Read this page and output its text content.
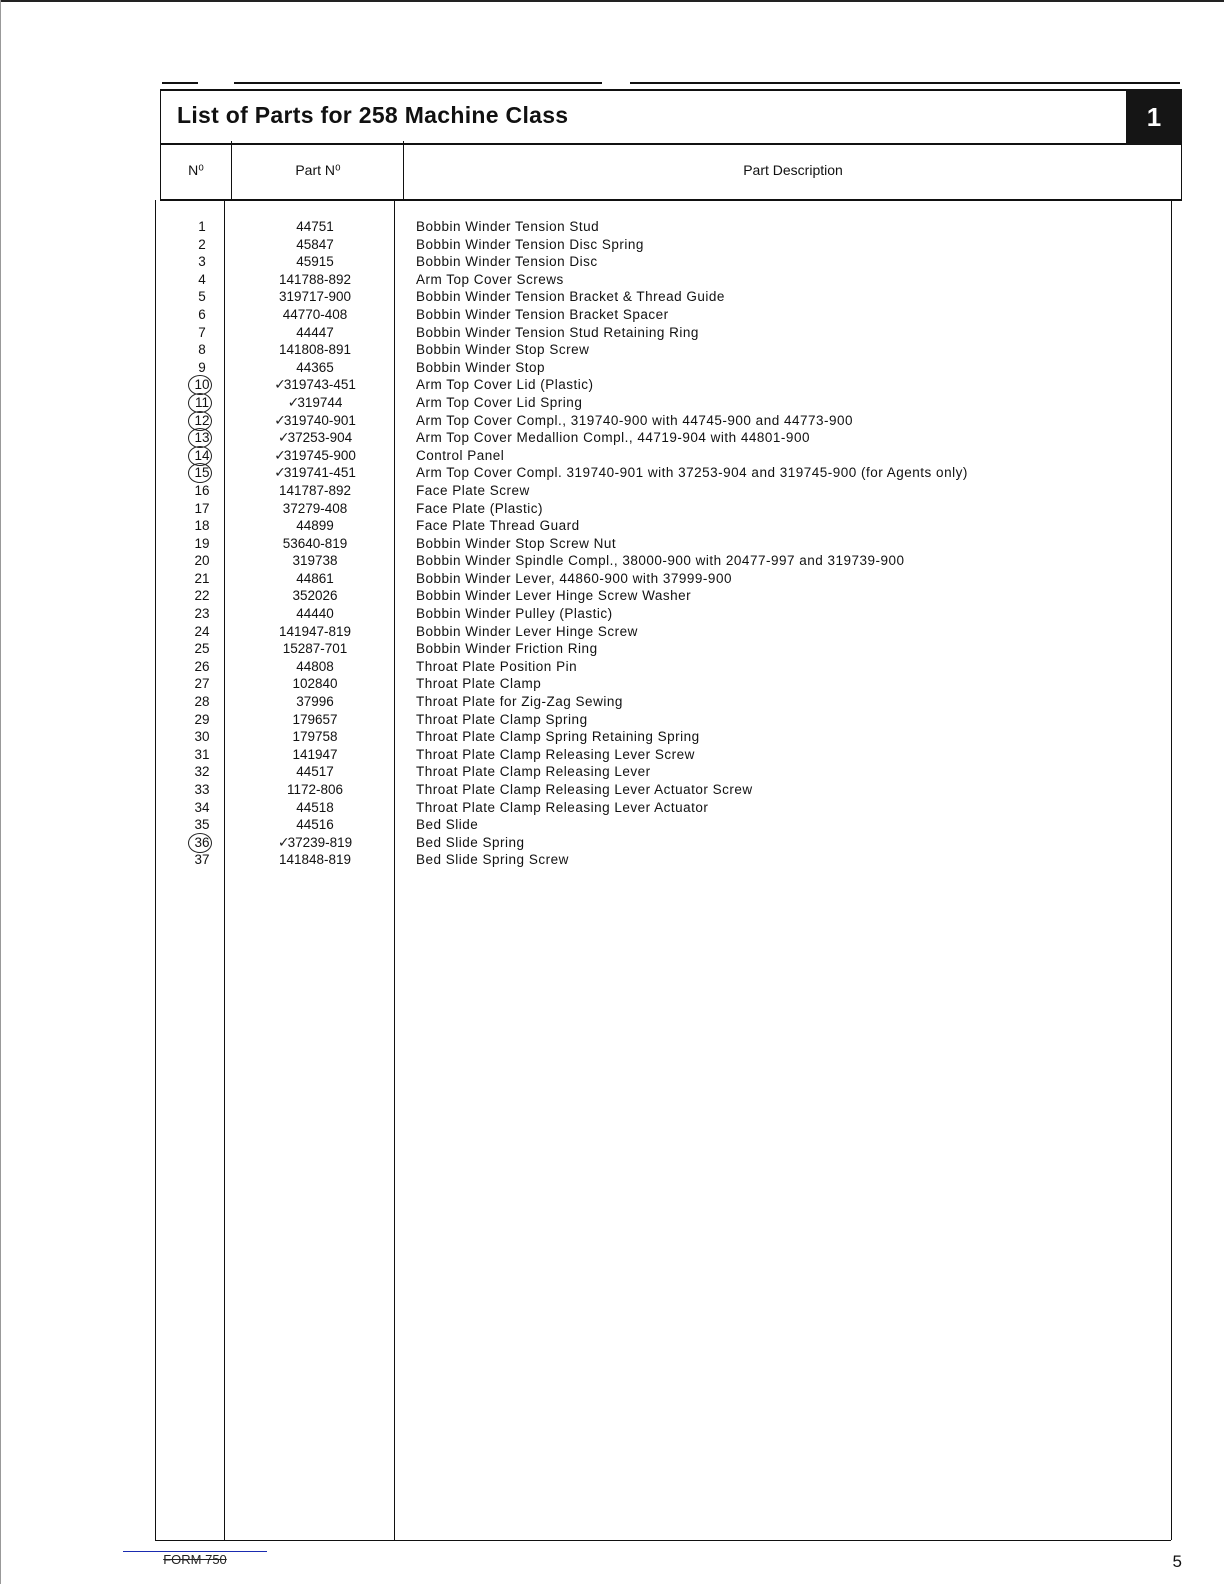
List of Parts for 258 Machine Class	1
N⁰	Part N⁰	Part Description
1	44751	Bobbin Winder Tension Stud
2	45847	Bobbin Winder Tension Disc Spring
3	45915	Bobbin Winder Tension Disc
4	141788-892	Arm Top Cover Screws
5	319717-900	Bobbin Winder Tension Bracket & Thread Guide
6	44770-408	Bobbin Winder Tension Bracket Spacer
7	44447	Bobbin Winder Tension Stud Retaining Ring
8	141808-891	Bobbin Winder Stop Screw
9	44365	Bobbin Winder Stop
10	✓319743-451	Arm Top Cover Lid (Plastic)
11	✓319744	Arm Top Cover Lid Spring
12	✓319740-901	Arm Top Cover Compl., 319740-900 with 44745-900 and 44773-900
13	✓37253-904	Arm Top Cover Medallion Compl., 44719-904 with 44801-900
14	✓319745-900	Control Panel
15	✓319741-451	Arm Top Cover Compl. 319740-901 with 37253-904 and 319745-900 (for Agents only)
16	141787-892	Face Plate Screw
17	37279-408	Face Plate (Plastic)
18	44899	Face Plate Thread Guard
19	53640-819	Bobbin Winder Stop Screw Nut
20	319738	Bobbin Winder Spindle Compl., 38000-900 with 20477-997 and 319739-900
21	44861	Bobbin Winder Lever, 44860-900 with 37999-900
22	352026	Bobbin Winder Lever Hinge Screw Washer
23	44440	Bobbin Winder Pulley (Plastic)
24	141947-819	Bobbin Winder Lever Hinge Screw
25	15287-701	Bobbin Winder Friction Ring
26	44808	Throat Plate Position Pin
27	102840	Throat Plate Clamp
28	37996	Throat Plate for Zig-Zag Sewing
29	179657	Throat Plate Clamp Spring
30	179758	Throat Plate Clamp Spring Retaining Spring
31	141947	Throat Plate Clamp Releasing Lever Screw
32	44517	Throat Plate Clamp Releasing Lever
33	1172-806	Throat Plate Clamp Releasing Lever Actuator Screw
34	44518	Throat Plate Clamp Releasing Lever Actuator
35	44516	Bed Slide
36	✓37239-819	Bed Slide Spring
37	141848-819	Bed Slide Spring Screw
FORM 750	5
